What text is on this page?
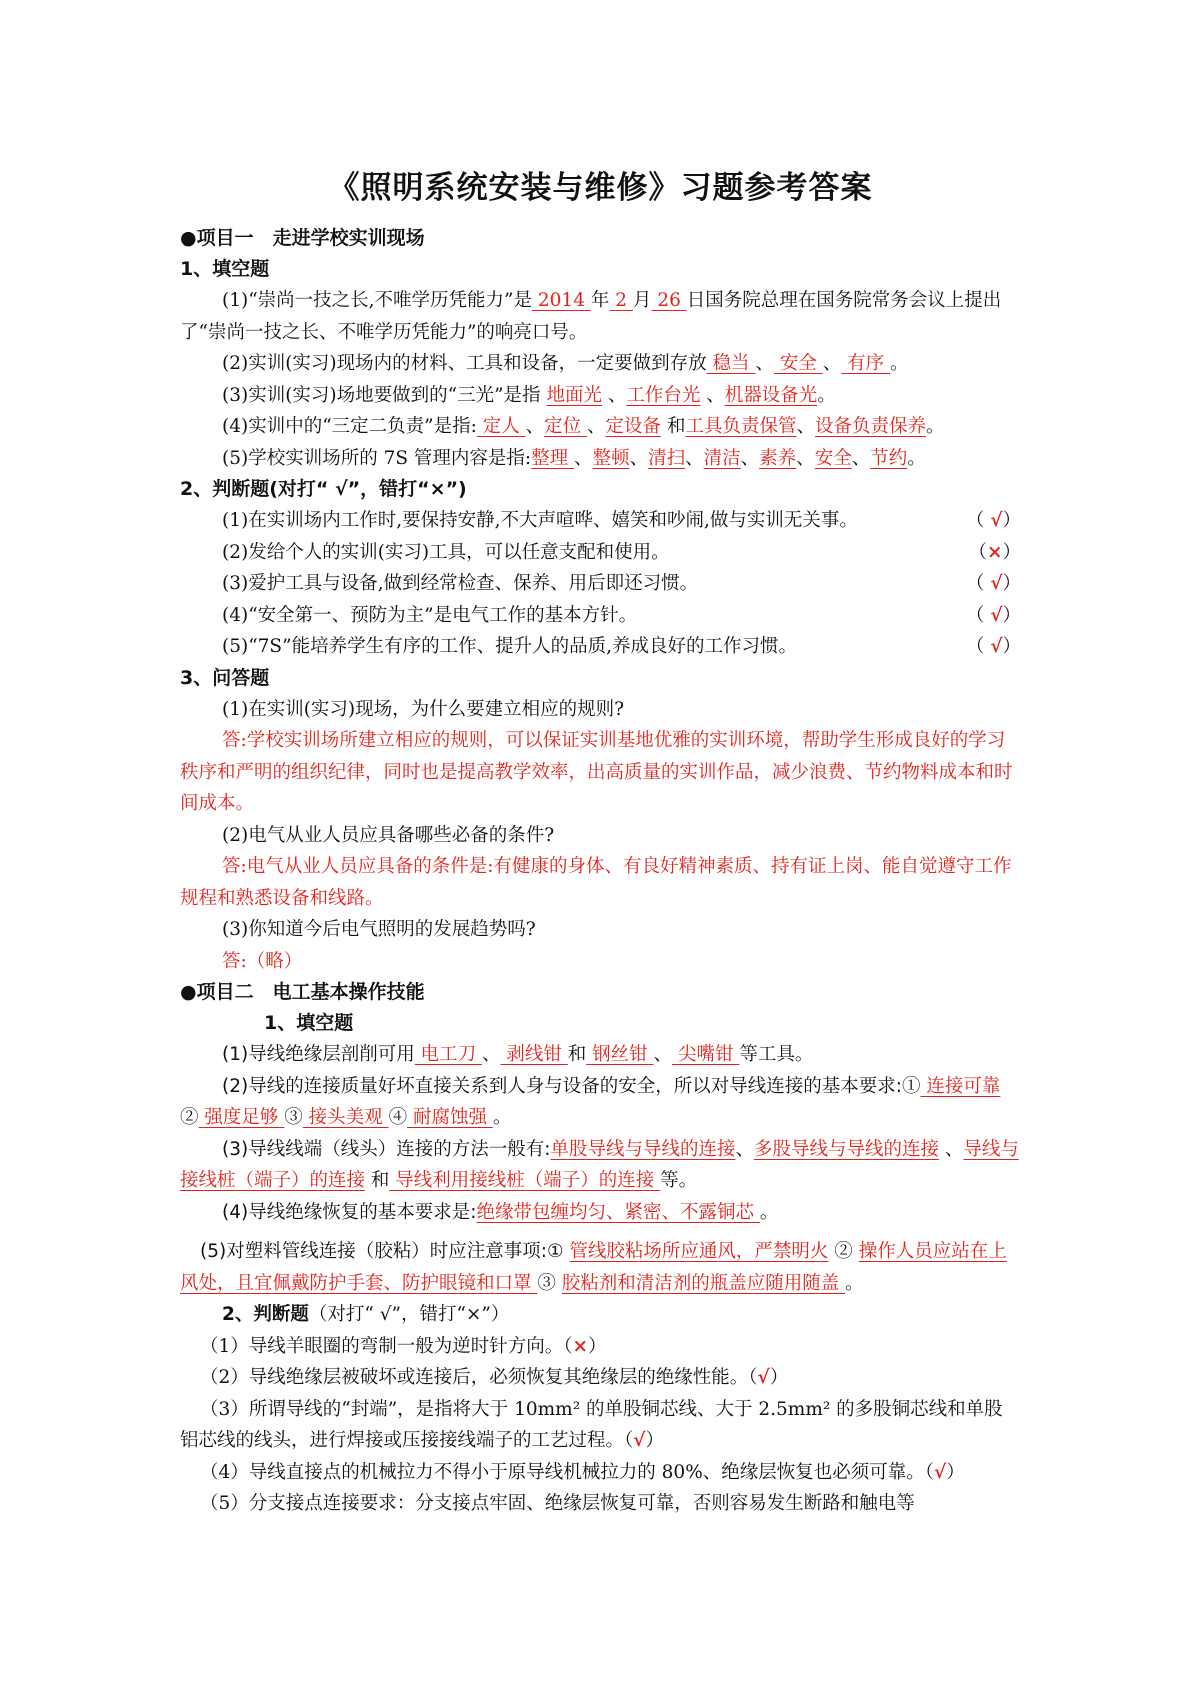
《照明系统安装与维修》习题参考答案
●项目一　走进学校实训现场
1、填空题
(1)“崇尚一技之长,不唯学历凭能力”是 2014 年 2 月 26 日国务院总理在国务院常务会议上提出了“崇尚一技之长、不唯学历凭能力”的响亮口号。
(2)实训(实习)现场内的材料、工具和设备，一定要做到存放 稳当 、 安全 、 有序 。
(3)实训(实习)场地要做到的“三光”是指 地面光 、工作台光 、机器设备光。
(4)实训中的“三定二负责”是指: 定人 、定位 、定设备 和工具负责保管、设备负责保养。
(5)学校实训场所的 7S 管理内容是指:整理 、整顿、清扫、清洁、素养、安全、节约。
2、判断题(对打“ √”，错打“×”)
(1)在实训场内工作时,要保持安静,不大声喧哗、嬉笑和吵闹,做与实训无关事。	（ √）
(2)发给个人的实训(实习)工具，可以任意支配和使用。	（×）
(3)爱护工具与设备,做到经常检查、保养、用后即还习惯。	（ √）
(4)“安全第一、预防为主”是电气工作的基本方针。	（ √）
(5)“7S”能培养学生有序的工作、提升人的品质,养成良好的工作习惯。	（ √）
3、问答题
(1)在实训(实习)现场，为什么要建立相应的规则?
答:学校实训场所建立相应的规则，可以保证实训基地优雅的实训环境，帮助学生形成良好的学习秩序和严明的组织纪律，同时也是提高教学效率，出高质量的实训作品，减少浪费、节约物料成本和时间成本。
(2)电气从业人员应具备哪些必备的条件?
答:电气从业人员应具备的条件是:有健康的身体、有良好精神素质、持有证上岗、能自觉遵守工作规程和熟悉设备和线路。
(3)你知道今后电气照明的发展趋势吗?
答:（略）
●项目二　电工基本操作技能
1、填空题
(1)导线绝缘层剖削可用 电工刀 、 剥线钳 和 钢丝钳 、 尖嘴钳 等工具。
(2)导线的连接质量好坏直接关系到人身与设备的安全，所以对导线连接的基本要求:① 连接可靠 ② 强度足够 ③ 接头美观 ④ 耐腐蚀强 。
(3)导线线端（线头）连接的方法一般有:单股导线与导线的连接、多股导线与导线的连接 、导线与接线桩（端子）的连接 和 导线利用接线桩（端子）的连接 等。
(4)导线绝缘恢复的基本要求是:绝缘带包缠均匀、紧密、不露铜芯 。
(5)对塑料管线连接（胶粘）时应注意事项:① 管线胶粘场所应通风，严禁明火 ② 操作人员应站在上风处，且宜佩戴防护手套、防护眼镜和口罩 ③ 胶粘剂和清洁剂的瓶盖应随用随盖 。
2、判断题（对打“ √”，错打“×”）
（1）导线羊眼圈的弯制一般为逆时针方向。（×）
（2）导线绝缘层被破坏或连接后，必须恢复其绝缘层的绝缘性能。（√）
（3）所谓导线的“封端”，是指将大于 10mm² 的单股铜芯线、大于 2.5mm² 的多股铜芯线和单股铝芯线的线头，进行焊接或压接接线端子的工艺过程。（√）
（4）导线直接点的机械拉力不得小于原导线机械拉力的 80%、绝缘层恢复也必须可靠。（√）
（5）分支接点连接要求：分支接点牢固、绝缘层恢复可靠，否则容易发生断路和触电等
